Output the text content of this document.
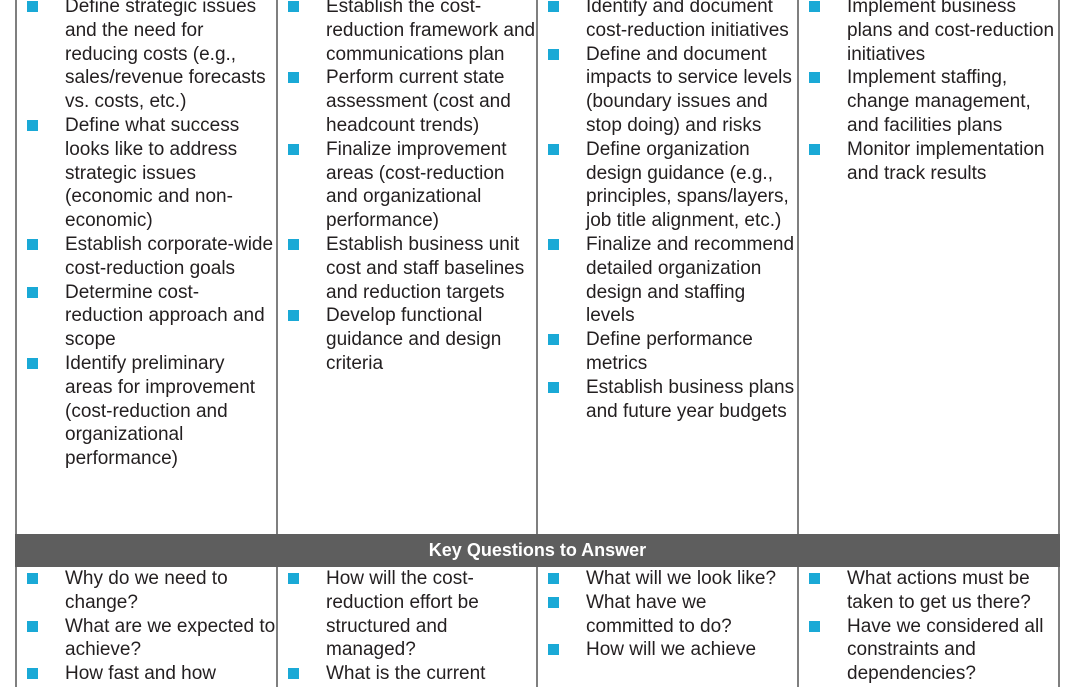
Define strategic issues and the need for reducing costs (e.g., sales/revenue forecasts vs. costs, etc.)
Define what success looks like to address strategic issues (economic and non-economic)
Establish corporate-wide cost-reduction goals
Determine cost-reduction approach and scope
Identify preliminary areas for improvement (cost-reduction and organizational performance)
Establish the cost-reduction framework and communications plan
Perform current state assessment (cost and headcount trends)
Finalize improvement areas (cost-reduction and organizational performance)
Establish business unit cost and staff baselines and reduction targets
Develop functional guidance and design criteria
Identify and document cost-reduction initiatives
Define and document impacts to service levels (boundary issues and stop doing) and risks
Define organization design guidance (e.g., principles, spans/layers, job title alignment, etc.)
Finalize and recommend detailed organization design and staffing levels
Define performance metrics
Establish business plans and future year budgets
Implement business plans and cost-reduction initiatives
Implement staffing, change management, and facilities plans
Monitor implementation and track results
Key Questions to Answer
Why do we need to change?
What are we expected to achieve?
How fast and how
How will the cost-reduction effort be structured and managed?
What is the current
What will we look like?
What have we committed to do?
How will we achieve
What actions must be taken to get us there?
Have we considered all constraints and dependencies?
